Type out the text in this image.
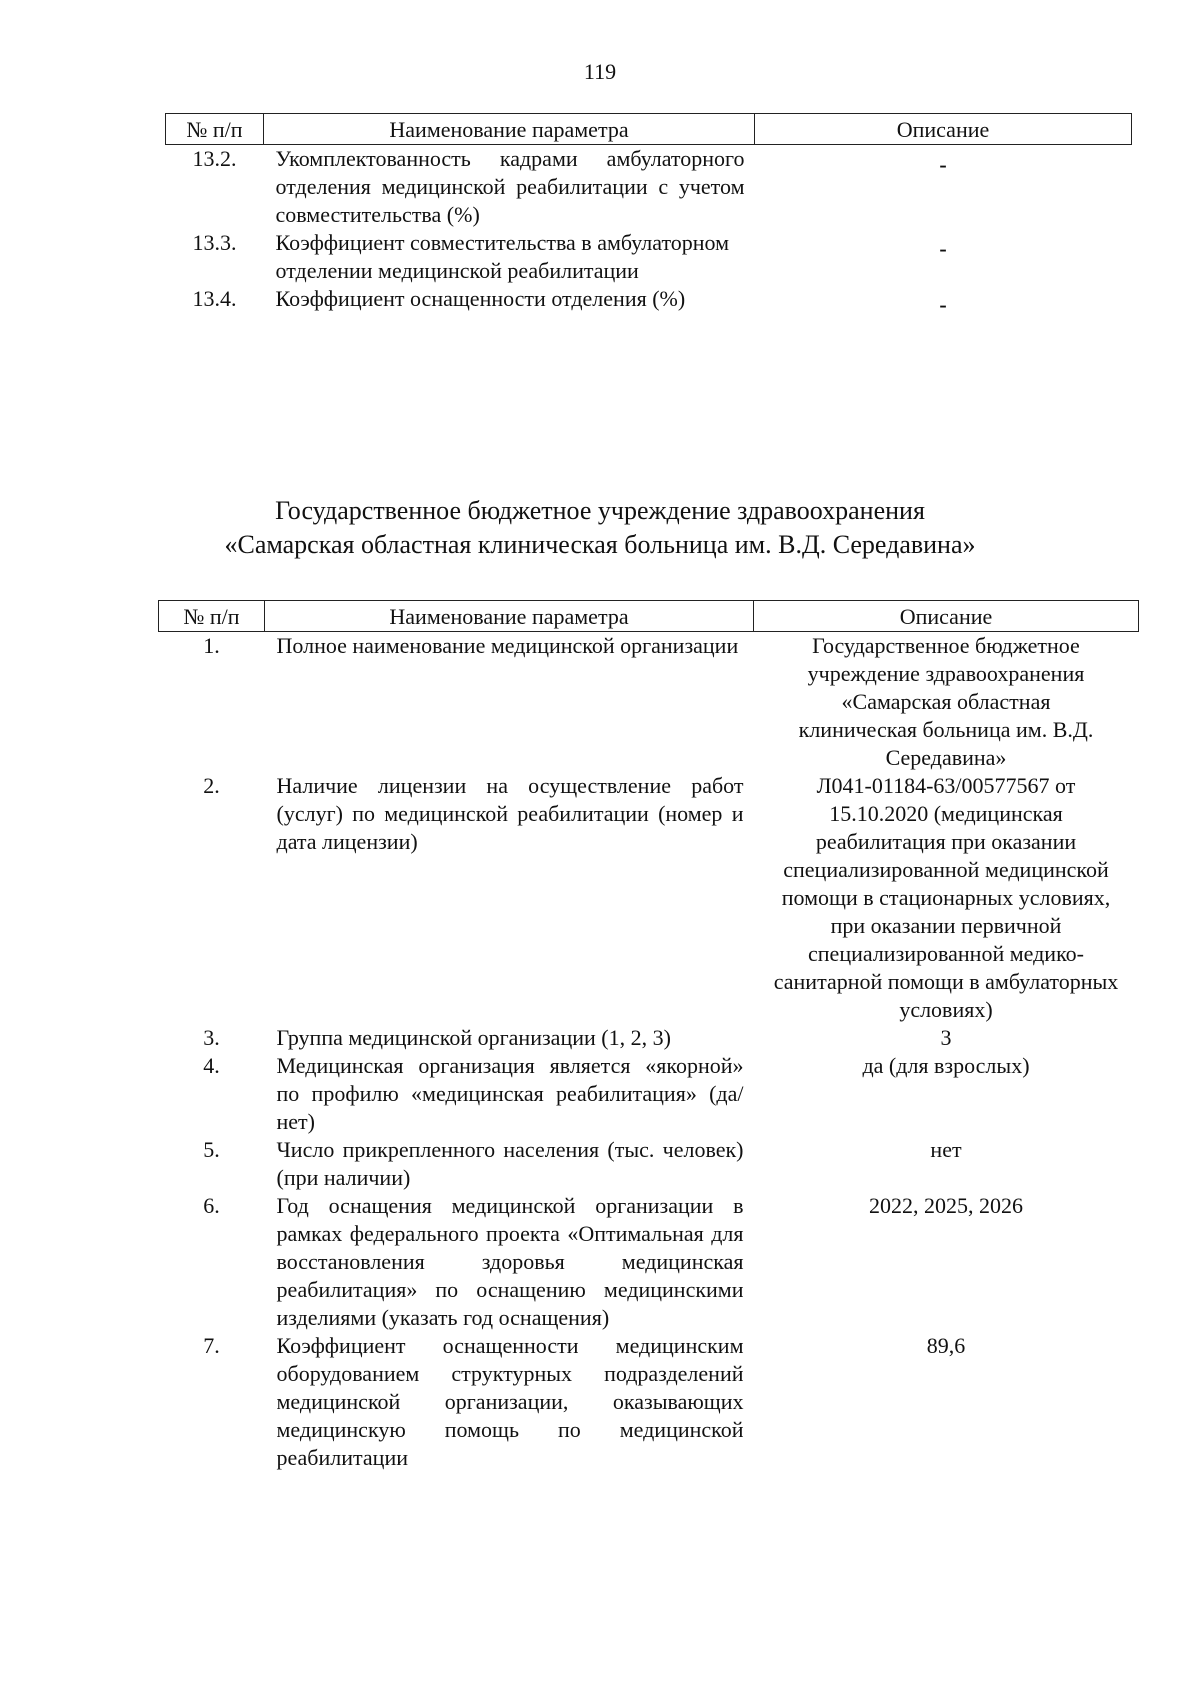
119
№ п/п	Наименование параметра	Описание
13.2.	Укомплектованность кадрами амбулаторного отделения медицинской реабилитации с учетом совместительства (%)	-
13.3.	Коэффициент совместительства в амбулаторном отделении медицинской реабилитации	-
13.4.	Коэффициент оснащенности отделения (%)	-
Государственное бюджетное учреждение здравоохранения
«Самарская областная клиническая больница им. В.Д. Середавина»
№ п/п	Наименование параметра	Описание
1.	Полное наименование медицинской организации	Государственное бюджетное учреждение здравоохранения «Самарская областная клиническая больница им. В.Д. Середавина»
2.	Наличие лицензии на осуществление работ (услуг) по медицинской реабилитации (номер и дата лицензии)	Л041-01184-63/00577567 от 15.10.2020 (медицинская реабилитация при оказании специализированной медицинской помощи в стационарных условиях, при оказании первичной специализированной медико-санитарной помощи в амбулаторных условиях)
3.	Группа медицинской организации (1, 2, 3)	3
4.	Медицинская организация является «якорной» по профилю «медицинская реабилитация» (да/нет)	да (для взрослых)
5.	Число прикрепленного населения (тыс. человек) (при наличии)	нет
6.	Год оснащения медицинской организации в рамках федерального проекта «Оптимальная для восстановления здоровья медицинская реабилитация» по оснащению медицинскими изделиями (указать год оснащения)	2022, 2025, 2026
7.	Коэффициент оснащенности медицинским оборудованием структурных подразделений медицинской организации, оказывающих медицинскую помощь по медицинской реабилитации	89,6
